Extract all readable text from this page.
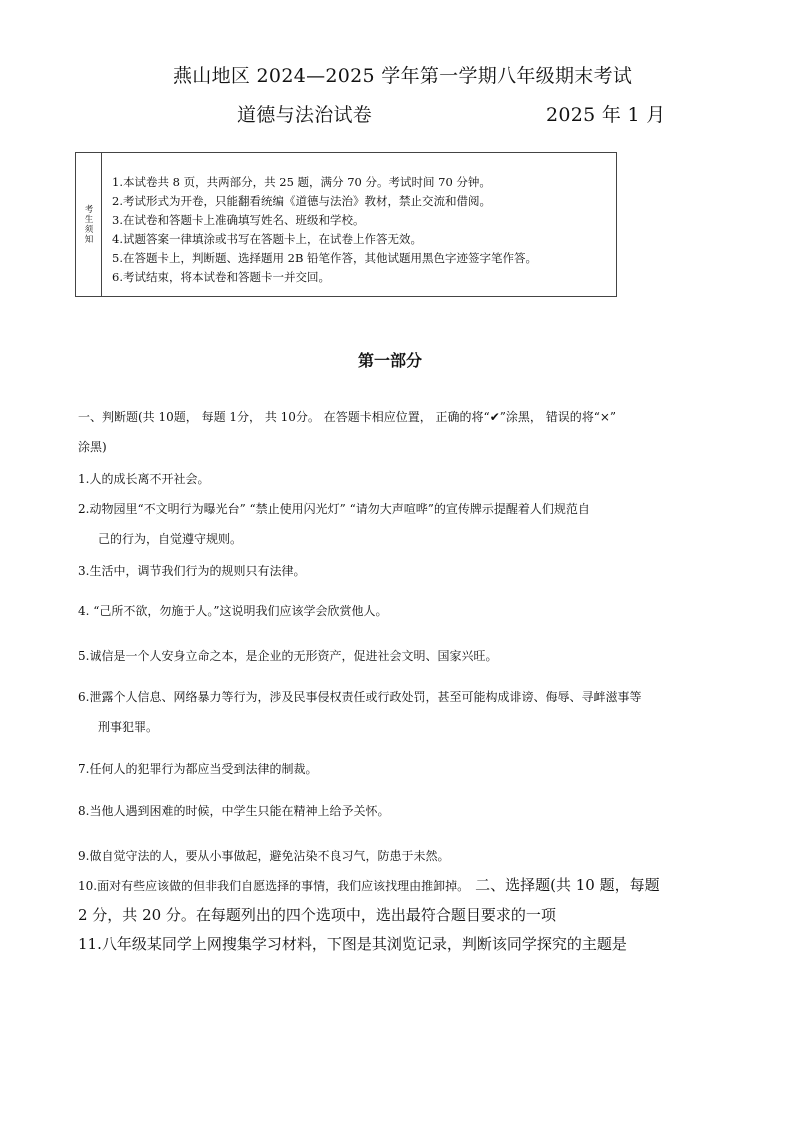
燕山地区 2024—2025 学年第一学期八年级期末考试
道德与法治试卷	2025 年 1 月
考生须知
1.本试卷共 8 页，共两部分，共 25 题，满分 70 分。考试时间 70 分钟。
2.考试形式为开卷，只能翻看统编《道德与法治》教材，禁止交流和借阅。
3.在试卷和答题卡上准确填写姓名、班级和学校。
4.试题答案一律填涂或书写在答题卡上，在试卷上作答无效。
5.在答题卡上，判断题、选择题用 2B 铅笔作答，其他试题用黑色字迹签字笔作答。
6.考试结束，将本试卷和答题卡一并交回。
第一部分
一、判断题(共 10题， 每题 1分， 共 10分。 在答题卡相应位置， 正确的将“✔”涂黑， 错误的将“×”
涂黑)
1.人的成长离不开社会。
2.动物园里“不文明行为曝光台” “禁止使用闪光灯” “请勿大声喧哗”的宣传牌示提醒着人们规范自
己的行为，自觉遵守规则。
3.生活中，调节我们行为的规则只有法律。
4. “己所不欲，勿施于人。”这说明我们应该学会欣赏他人。
5.诚信是一个人安身立命之本，是企业的无形资产，促进社会文明、国家兴旺。
6.泄露个人信息、网络暴力等行为，涉及民事侵权责任或行政处罚，甚至可能构成诽谤、侮辱、寻衅滋事等
刑事犯罪。
7.任何人的犯罪行为都应当受到法律的制裁。
8.当他人遇到困难的时候，中学生只能在精神上给予关怀。
9.做自觉守法的人，要从小事做起，避免沾染不良习气，防患于未然。
10.面对有些应该做的但非我们自愿选择的事情，我们应该找理由推卸掉。 二、选择题(共 10 题，每题
2 分，共 20 分。在每题列出的四个选项中，选出最符合题目要求的一项
11.八年级某同学上网搜集学习材料，下图是其浏览记录，判断该同学探究的主题是
